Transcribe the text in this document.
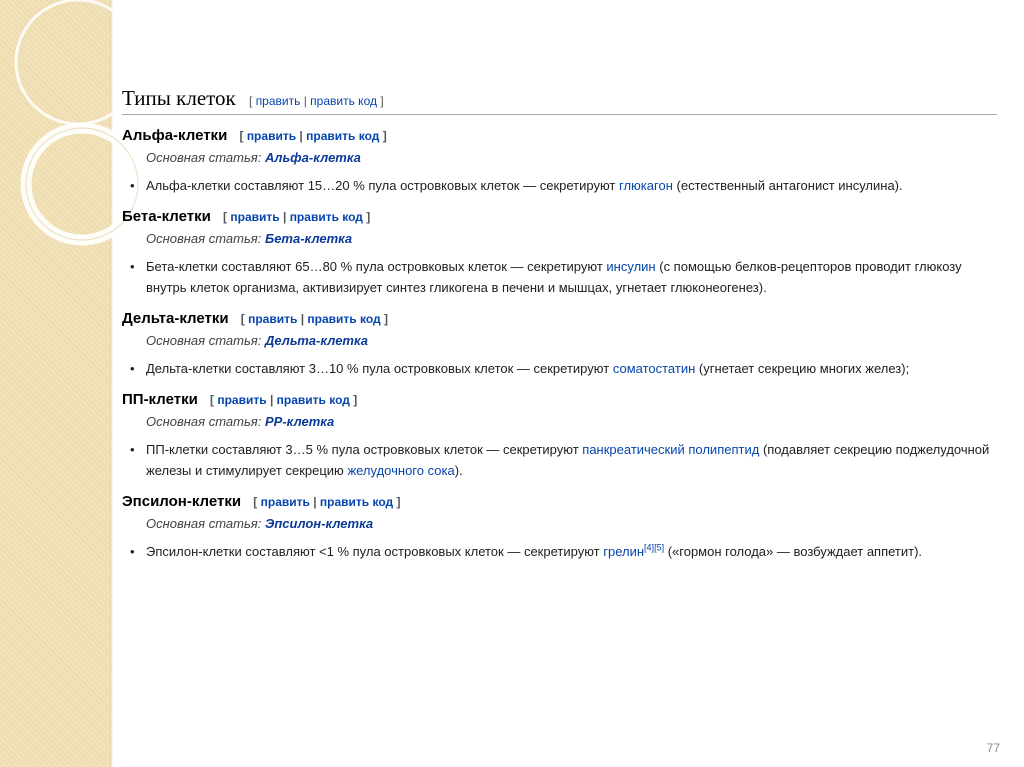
Типы клеток [ править | править код ]
Альфа-клетки [ править | править код ]
Основная статья: Альфа-клетка
• Альфа-клетки составляют 15…20 % пула островковых клеток — секретируют глюкагон (естественный антагонист инсулина).
Бета-клетки [ править | править код ]
Основная статья: Бета-клетка
• Бета-клетки составляют 65…80 % пула островковых клеток — секретируют инсулин (с помощью белков-рецепторов проводит глюкозу внутрь клеток организма, активизирует синтез гликогена в печени и мышцах, угнетает глюконеогенез).
Дельта-клетки [ править | править код ]
Основная статья: Дельта-клетка
• Дельта-клетки составляют 3…10 % пула островковых клеток — секретируют соматостатин (угнетает секрецию многих желез);
ПП-клетки [ править | править код ]
Основная статья: PP-клетка
• ПП-клетки составляют 3…5 % пула островковых клеток — секретируют панкреатический полипептид (подавляет секрецию поджелудочной железы и стимулирует секрецию желудочного сока).
Эпсилон-клетки [ править | править код ]
Основная статья: Эпсилон-клетка
• Эпсилон-клетки составляют <1 % пула островковых клеток — секретируют грелин[4][5] («гормон голода» — возбуждает аппетит).
77
